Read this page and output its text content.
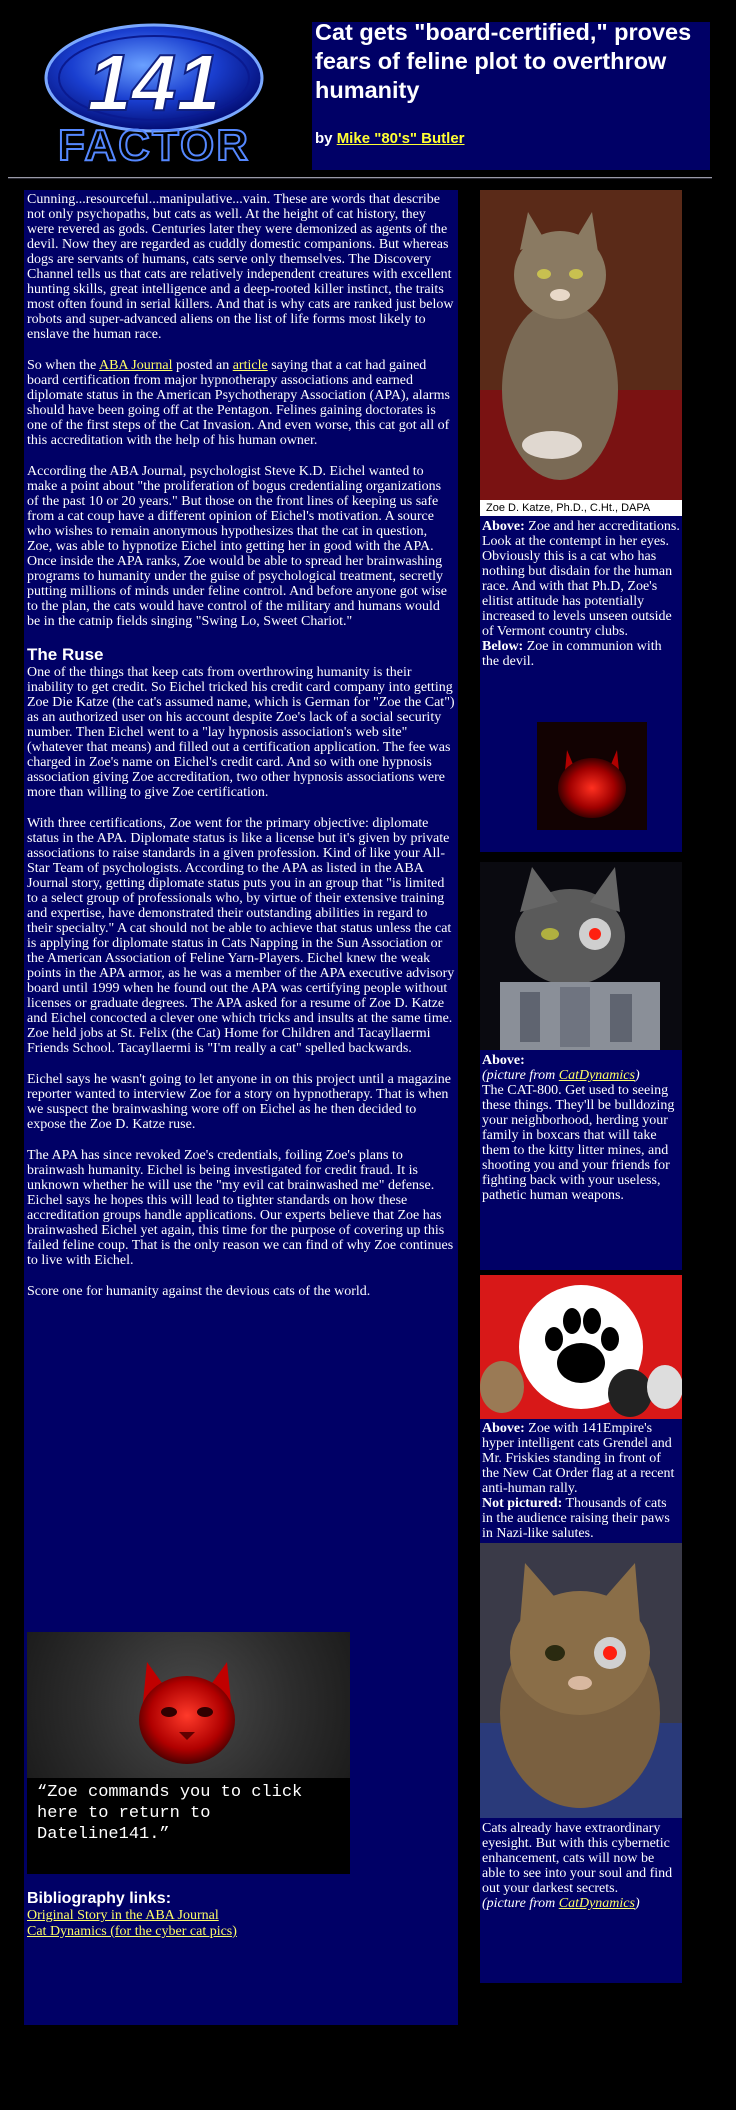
141
FACTOR
Cat gets "board-certified," proves fears of feline plot to overthrow humanity
by Mike "80's" Butler

Cunning...resourceful...manipulative...vain. These are words that describe not only psychopaths, but cats as well. At the height of cat history, they were revered as gods. Centuries later they were demonized as agents of the devil. Now they are regarded as cuddly domestic companions. But whereas dogs are servants of humans, cats serve only themselves. The Discovery Channel tells us that cats are relatively independent creatures with excellent hunting skills, great intelligence and a deep-rooted killer instinct, the traits most often found in serial killers. And that is why cats are ranked just below robots and super-advanced aliens on the list of life forms most likely to enslave the human race.

So when the ABA Journal posted an article saying that a cat had gained board certification from major hypnotherapy associations and earned diplomate status in the American Psychotherapy Association (APA), alarms should have been going off at the Pentagon. Felines gaining doctorates is one of the first steps of the Cat Invasion. And even worse, this cat got all of this accreditation with the help of his human owner.

According the ABA Journal, psychologist Steve K.D. Eichel wanted to make a point about "the proliferation of bogus credentialing organizations of the past 10 or 20 years." But those on the front lines of keeping us safe from a cat coup have a different opinion of Eichel's motivation. A source who wishes to remain anonymous hypothesizes that the cat in question, Zoe, was able to hypnotize Eichel into getting her in good with the APA. Once inside the APA ranks, Zoe would be able to spread her brainwashing programs to humanity under the guise of psychological treatment, secretly putting millions of minds under feline control. And before anyone got wise to the plan, the cats would have control of the military and humans would be in the catnip fields singing "Swing Lo, Sweet Chariot."

The Ruse

One of the things that keep cats from overthrowing humanity is their inability to get credit. So Eichel tricked his credit card company into getting Zoe Die Katze (the cat's assumed name, which is German for "Zoe the Cat") as an authorized user on his account despite Zoe's lack of a social security number. Then Eichel went to a "lay hypnosis association's web site" (whatever that means) and filled out a certification application. The fee was charged in Zoe's name on Eichel's credit card. And so with one hypnosis association giving Zoe accreditation, two other hypnosis associations were more than willing to give Zoe certification.

With three certifications, Zoe went for the primary objective: diplomate status in the APA. Diplomate status is like a license but it's given by private associations to raise standards in a given profession. Kind of like your All-Star Team of psychologists. According to the APA as listed in the ABA Journal story, getting diplomate status puts you in an group that "is limited to a select group of professionals who, by virtue of their extensive training and expertise, have demonstrated their outstanding abilities in regard to their specialty." A cat should not be able to achieve that status unless the cat is applying for diplomate status in Cats Napping in the Sun Association or the American Association of Feline Yarn-Players. Eichel knew the weak points in the APA armor, as he was a member of the APA executive advisory board until 1999 when he found out the APA was certifying people without licenses or graduate degrees. The APA asked for a resume of Zoe D. Katze and Eichel concocted a clever one which tricks and insults at the same time. Zoe held jobs at St. Felix (the Cat) Home for Children and Tacayllaermi Friends School. Tacayllaermi is "I'm really a cat" spelled backwards.

Eichel says he wasn't going to let anyone in on this project until a magazine reporter wanted to interview Zoe for a story on hypnotherapy. That is when we suspect the brainwashing wore off on Eichel as he then decided to expose the Zoe D. Katze ruse.

The APA has since revoked Zoe's credentials, foiling Zoe's plans to brainwash humanity. Eichel is being investigated for credit fraud. It is unknown whether he will use the "my evil cat brainwashed me" defense. Eichel says he hopes this will lead to tighter standards on how these accreditation groups handle applications. Our experts believe that Zoe has brainwashed Eichel yet again, this time for the purpose of covering up this failed feline coup. That is the only reason we can find of why Zoe continues to live with Eichel.

Score one for humanity against the devious cats of the world.

“Zoe commands you to click here to return to Dateline141.”

Bibliography links:
Original Story in the ABA Journal
Cat Dynamics (for the cyber cat pics)
Zoe D. Katze, Ph.D., C.Ht., DAPA

Above: Zoe and her accreditations. Look at the contempt in her eyes. Obviously this is a cat who has nothing but disdain for the human race. And with that Ph.D, Zoe's elitist attitude has potentially increased to levels unseen outside of Vermont country clubs.
Below: Zoe in communion with the devil.

Above:
(picture from CatDynamics)
The CAT-800. Get used to seeing these things. They'll be bulldozing your neighborhood, herding your family in boxcars that will take them to the kitty litter mines, and shooting you and your friends for fighting back with your useless, pathetic human weapons.

Above: Zoe with 141Empire's hyper intelligent cats Grendel and Mr. Friskies standing in front of the New Cat Order flag at a recent anti-human rally.
Not pictured: Thousands of cats in the audience raising their paws in Nazi-like salutes.

Cats already have extraordinary eyesight. But with this cybernetic enhancement, cats will now be able to see into your soul and find out your darkest secrets.
(picture from CatDynamics)
